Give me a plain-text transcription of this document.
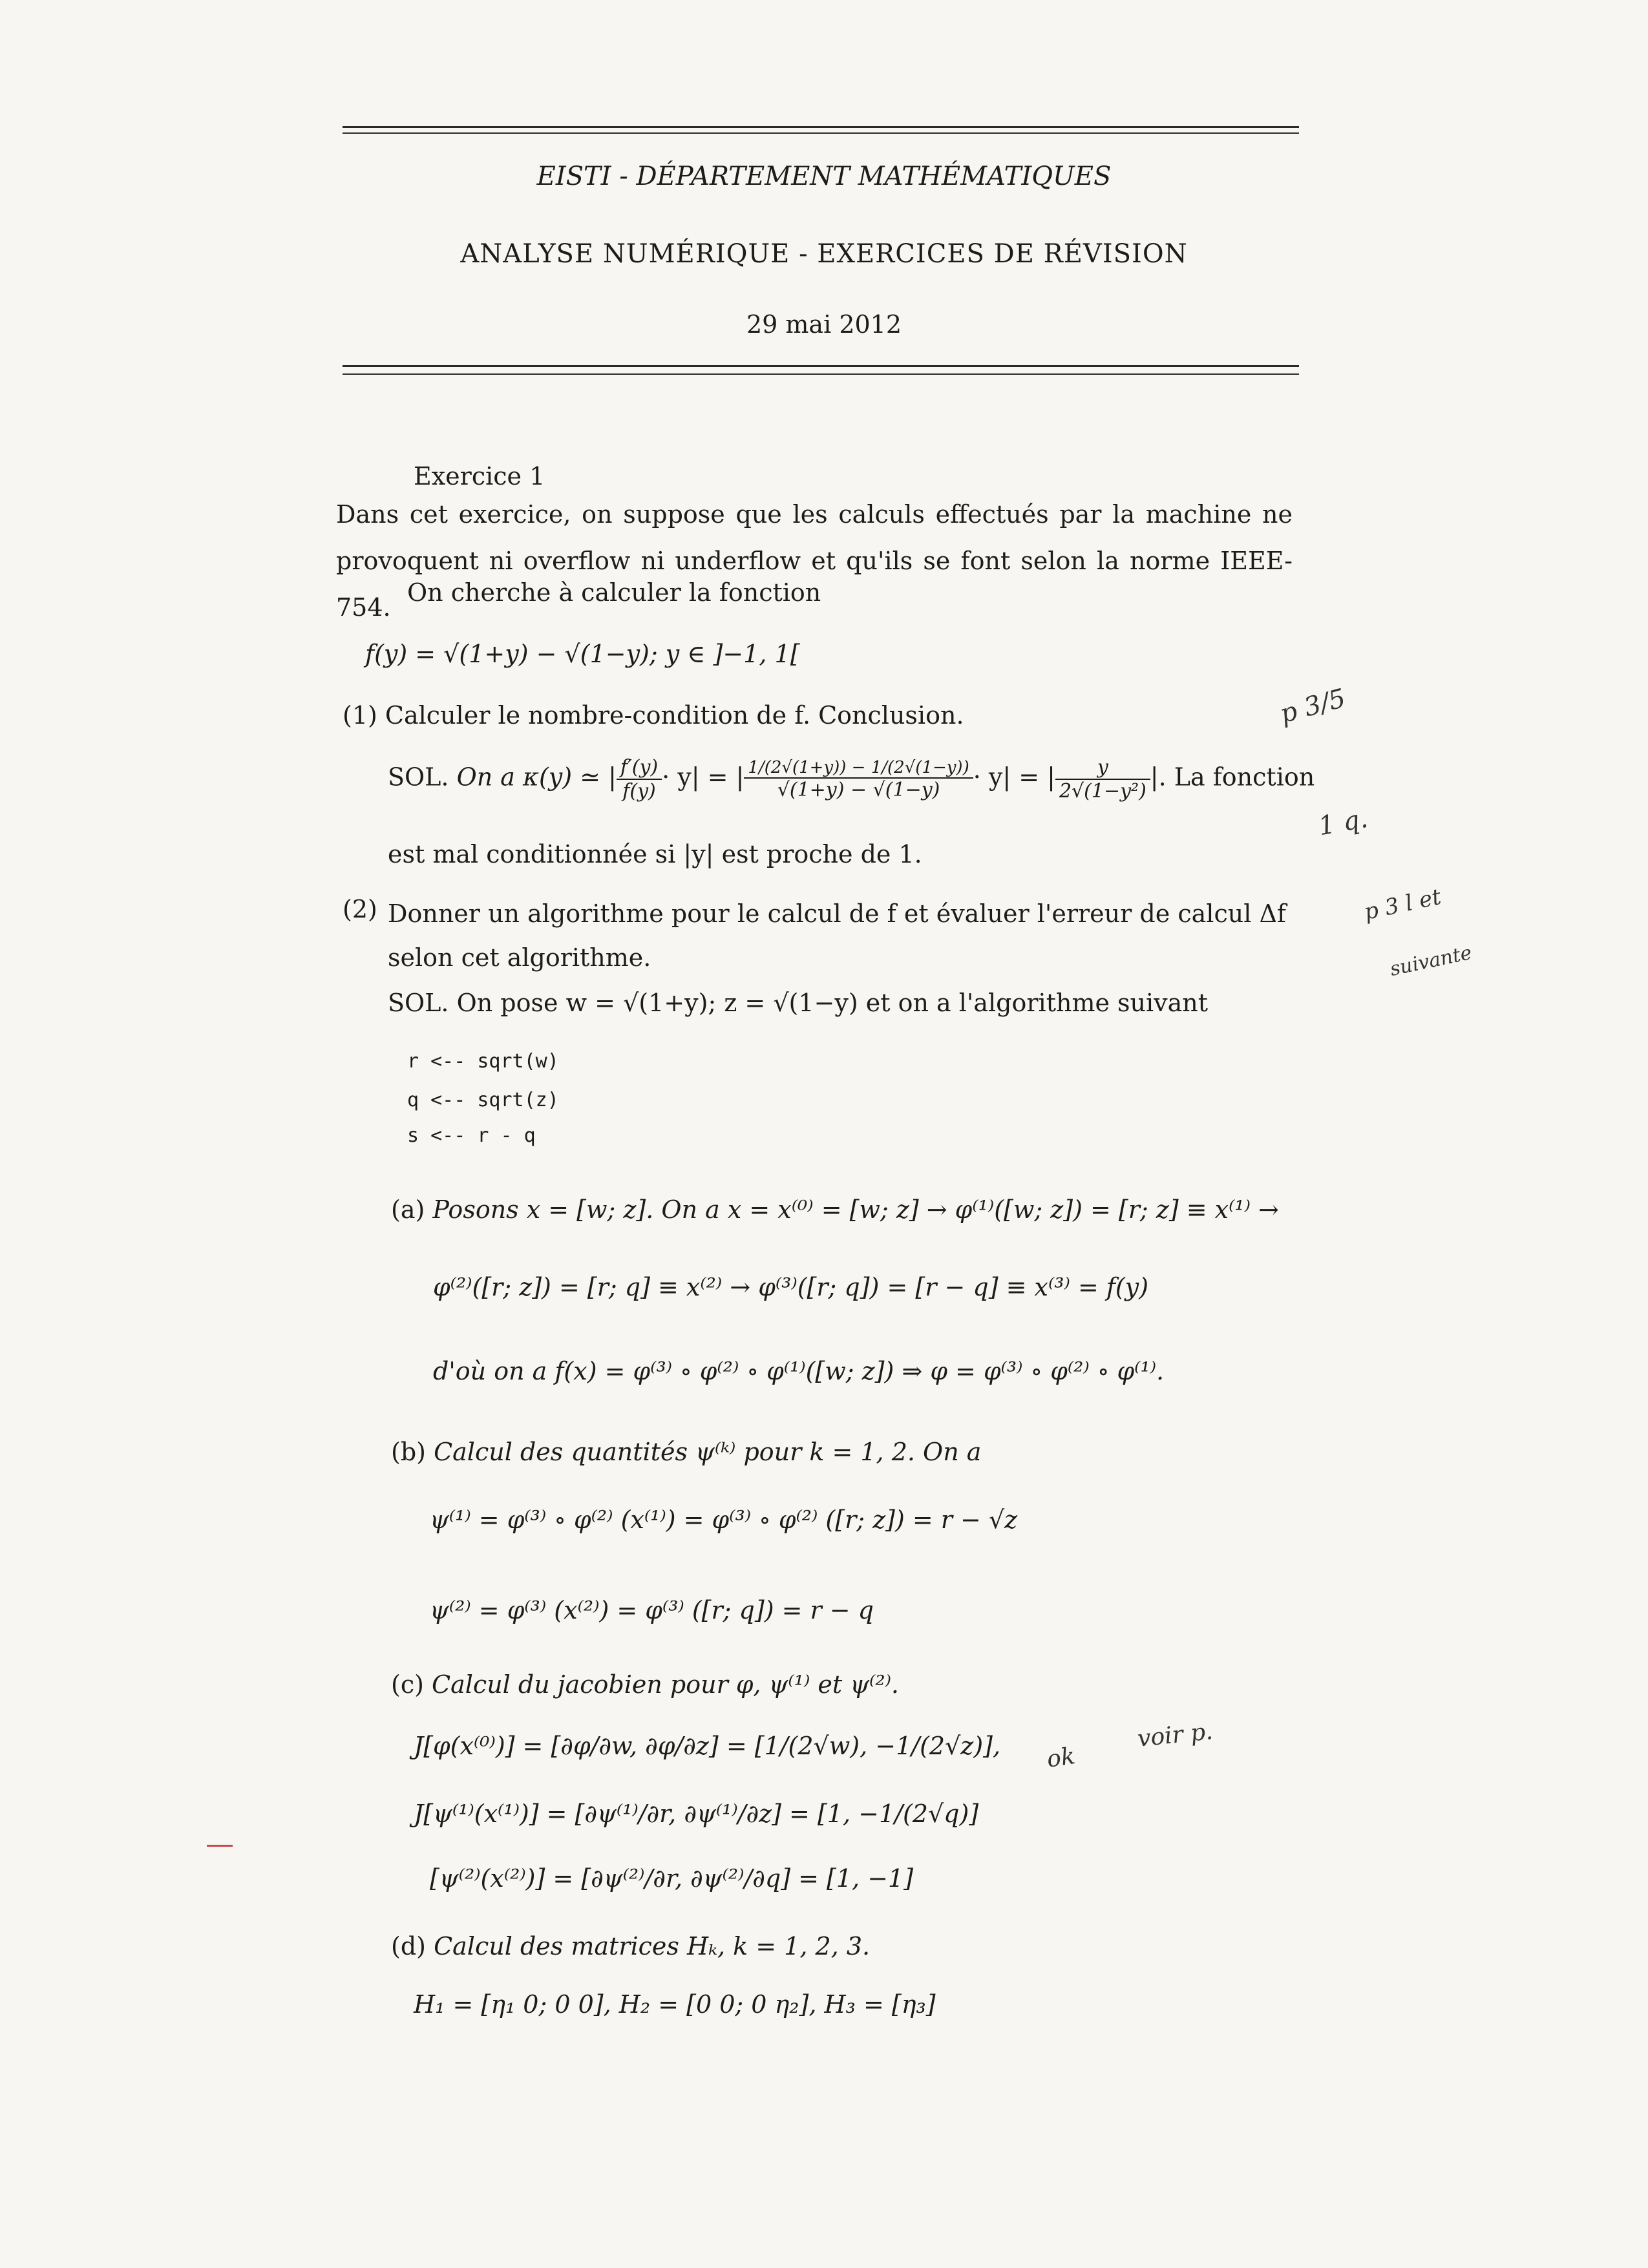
EISTI - DÉPARTEMENT MATHÉMATIQUES
ANALYSE NUMÉRIQUE - EXERCICES DE RÉVISION
29 mai 2012
Exercice 1
Dans cet exercice, on suppose que les calculs effectués par la machine ne provoquent ni overflow ni underflow et qu'ils se font selon la norme IEEE-754.
On cherche à calculer la fonction
f(y) = √(1+y) − √(1−y); y ∈ ]−1, 1[
(1) Calculer le nombre-condition de f. Conclusion.
SOL. On a κ(y) ≃ | $\frac{f'(y)}{f(y)} \cdot y|$ = | $\frac{1/(2√(1+y)) - 1/(2√(1-y))}{√(1+y) - √(1-y)} \cdot y|$ = | $\frac{y}{\text{2√(1−y²)}}$ |. La fonction
est mal conditionnée si |y| est proche de 1.
(2) Donner un algorithme pour le calcul de f et évaluer l'erreur de calcul Δf selon cet algorithme.
SOL. On pose w = √(1+y); z = √(1−y) et on a l'algorithme suivant
r <-- sqrt(w)
q <-- sqrt(z)
s <-- r - q
(a) Posons x = [w; z]. On a x = x⁽⁰⁾ = [w; z] → φ⁽¹⁾([w; z]) = [r; z] ≡ x⁽¹⁾ →
φ⁽²⁾([r; z]) = [r; q] ≡ x⁽²⁾ → φ⁽³⁾([r; q]) = [r − q] ≡ x⁽³⁾ = f(y)
d'où on a f(x) = φ⁽³⁾ ∘ φ⁽²⁾ ∘ φ⁽¹⁾([w; z]) ⇒ φ = φ⁽³⁾ ∘ φ⁽²⁾ ∘ φ⁽¹⁾.
(b) Calcul des quantités ψ⁽ᵏ⁾ pour k = 1, 2. On a
ψ⁽¹⁾ = φ⁽³⁾ ∘ φ⁽²⁾ (x⁽¹⁾) = φ⁽³⁾ ∘ φ⁽²⁾ ([r; z]) = r − √z
ψ⁽²⁾ = φ⁽³⁾ (x⁽²⁾) = φ⁽³⁾ ([r; q]) = r − q
(c) Calcul du jacobien pour φ, ψ⁽¹⁾ et ψ⁽²⁾.
J[φ(x⁽⁰⁾)] = [∂φ/∂w, ∂φ/∂z] = [1/(2√w), −1/(2√z)],
J[ψ⁽¹⁾(x⁽¹⁾)] = [∂ψ⁽¹⁾/∂r, ∂ψ⁽¹⁾/∂z] = [1, −1/(2√q)]
[ψ⁽²⁾(x⁽²⁾)] = [∂ψ⁽²⁾/∂r, ∂ψ⁽²⁾/∂q] = [1, −1]
(d) Calcul des matrices Hₖ, k = 1, 2, 3.
H₁ = [η₁ 0; 0 0], H₂ = [0 0; 0 η₂], H₃ = [η₃]
p 3/5
1 q.
p 3 l et
suivante
ok
voir p.
